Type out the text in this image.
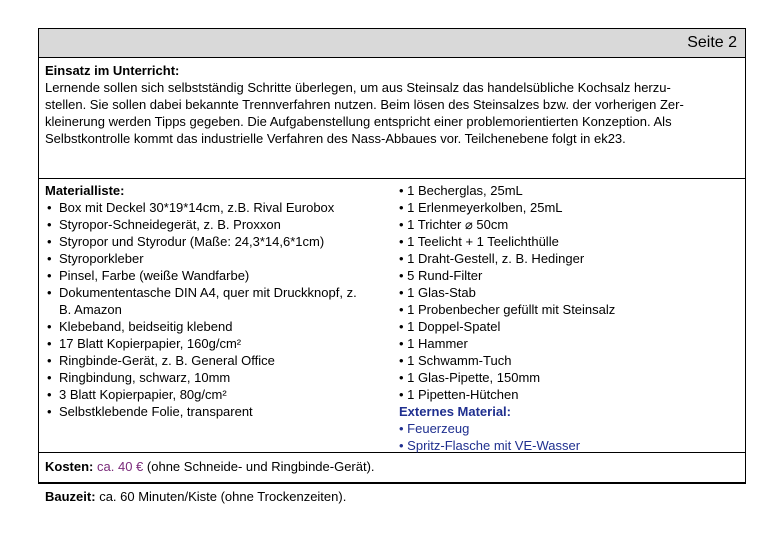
Seite 2
Einsatz im Unterricht:
Lernende sollen sich selbstständig Schritte überlegen, um aus Steinsalz das handelsübliche Kochsalz herzu-
stellen. Sie sollen dabei bekannte Trennverfahren nutzen. Beim lösen des Steinsalzes bzw. der vorherigen Zer-
kleinerung werden Tipps gegeben. Die Aufgabenstellung entspricht einer problemorientierten Konzeption. Als
Selbstkontrolle kommt das industrielle Verfahren des Nass-Abbaues vor. Teilchenebene folgt in ek23.
Materialliste:
• Box mit Deckel 30*19*14cm, z.B. Rival Eurobox
• Styropor-Schneidegerät, z. B. Proxxon
• Styropor und Styrodur (Maße: 24,3*14,6*1cm)
• Styroporkleber
• Pinsel, Farbe (weiße Wandfarbe)
• Dokumententasche DIN A4, quer mit Druckknopf, z. B. Amazon
• Klebeband, beidseitig klebend
• 17 Blatt Kopierpapier, 160g/cm²
• Ringbinde-Gerät, z. B. General Office
• Ringbindung, schwarz, 10mm
• 3 Blatt Kopierpapier, 80g/cm²
• Selbstklebende Folie, transparent
• 1 Becherglas, 25mL
• 1 Erlenmeyerkolben, 25mL
• 1 Trichter ⌀ 50cm
• 1 Teelicht + 1 Teelichthülle
• 1 Draht-Gestell, z. B. Hedinger
• 5 Rund-Filter
• 1 Glas-Stab
• 1 Probenbecher gefüllt mit Steinsalz
• 1 Doppel-Spatel
• 1 Hammer
• 1 Schwamm-Tuch
• 1 Glas-Pipette, 150mm
• 1 Pipetten-Hütchen
Externes Material:
• Feuerzeug
• Spritz-Flasche mit VE-Wasser
Kosten: ca. 40 € (ohne Schneide- und Ringbinde-Gerät).
Bauzeit: ca. 60 Minuten/Kiste (ohne Trockenzeiten).
